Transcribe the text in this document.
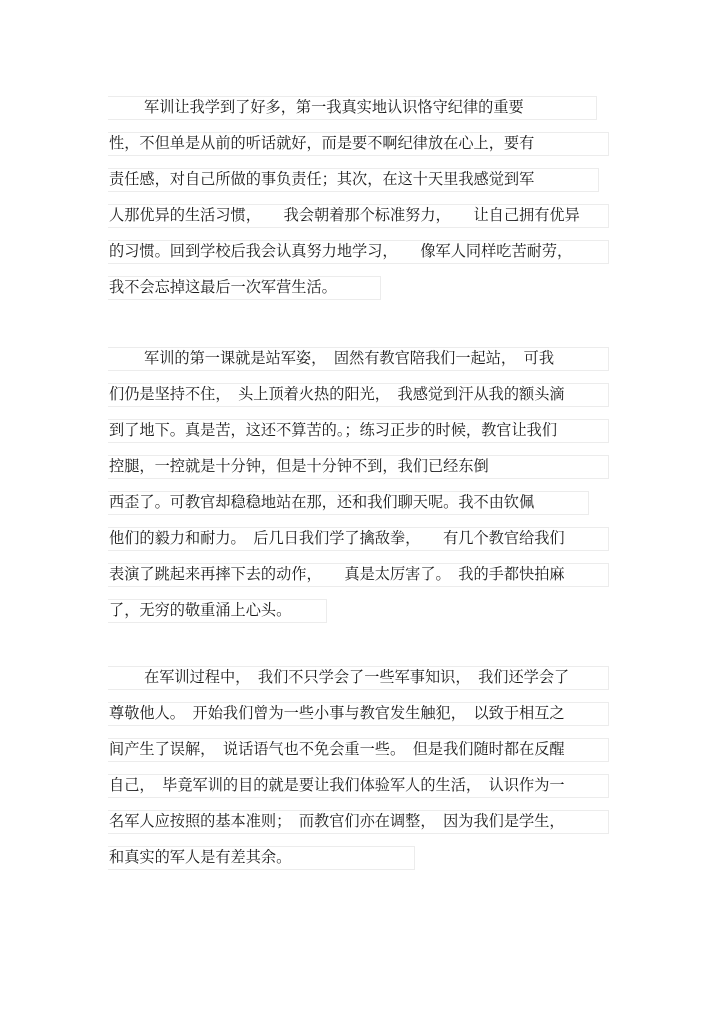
军训让我学到了好多，第一我真实地认识恪守纪律的重要
性，不但单是从前的听话就好，而是要不啊纪律放在心上，要有
责任感，对自己所做的事负责任；其次，在这十天里我感觉到军
人那优异的生活习惯，　　我会朝着那个标准努力，　　让自己拥有优异
的习惯。回到学校后我会认真努力地学习，　　像军人同样吃苦耐劳，
我不会忘掉这最后一次军营生活。
军训的第一课就是站军姿，　固然有教官陪我们一起站，　可我
们仍是坚持不住，　头上顶着火热的阳光，　我感觉到汗从我的额头滴
到了地下。真是苦，这还不算苦的。；练习正步的时候，教官让我们
控腿，一控就是十分钟，但是十分钟不到，我们已经东倒
西歪了。可教官却稳稳地站在那，还和我们聊天呢。我不由钦佩
他们的毅力和耐力。　后几日我们学了擒敌拳，　　有几个教官给我们
表演了跳起来再摔下去的动作，　　真是太厉害了。　我的手都快拍麻
了，无穷的敬重涌上心头。
在军训过程中，　我们不只学会了一些军事知识，　我们还学会了
尊敬他人。　开始我们曾为一些小事与教官发生触犯，　以致于相互之
间产生了误解，　说话语气也不免会重一些。　但是我们随时都在反醒
自己，　毕竟军训的目的就是要让我们体验军人的生活，　认识作为一
名军人应按照的基本准则；　而教官们亦在调整，　因为我们是学生，
和真实的军人是有差其余。
